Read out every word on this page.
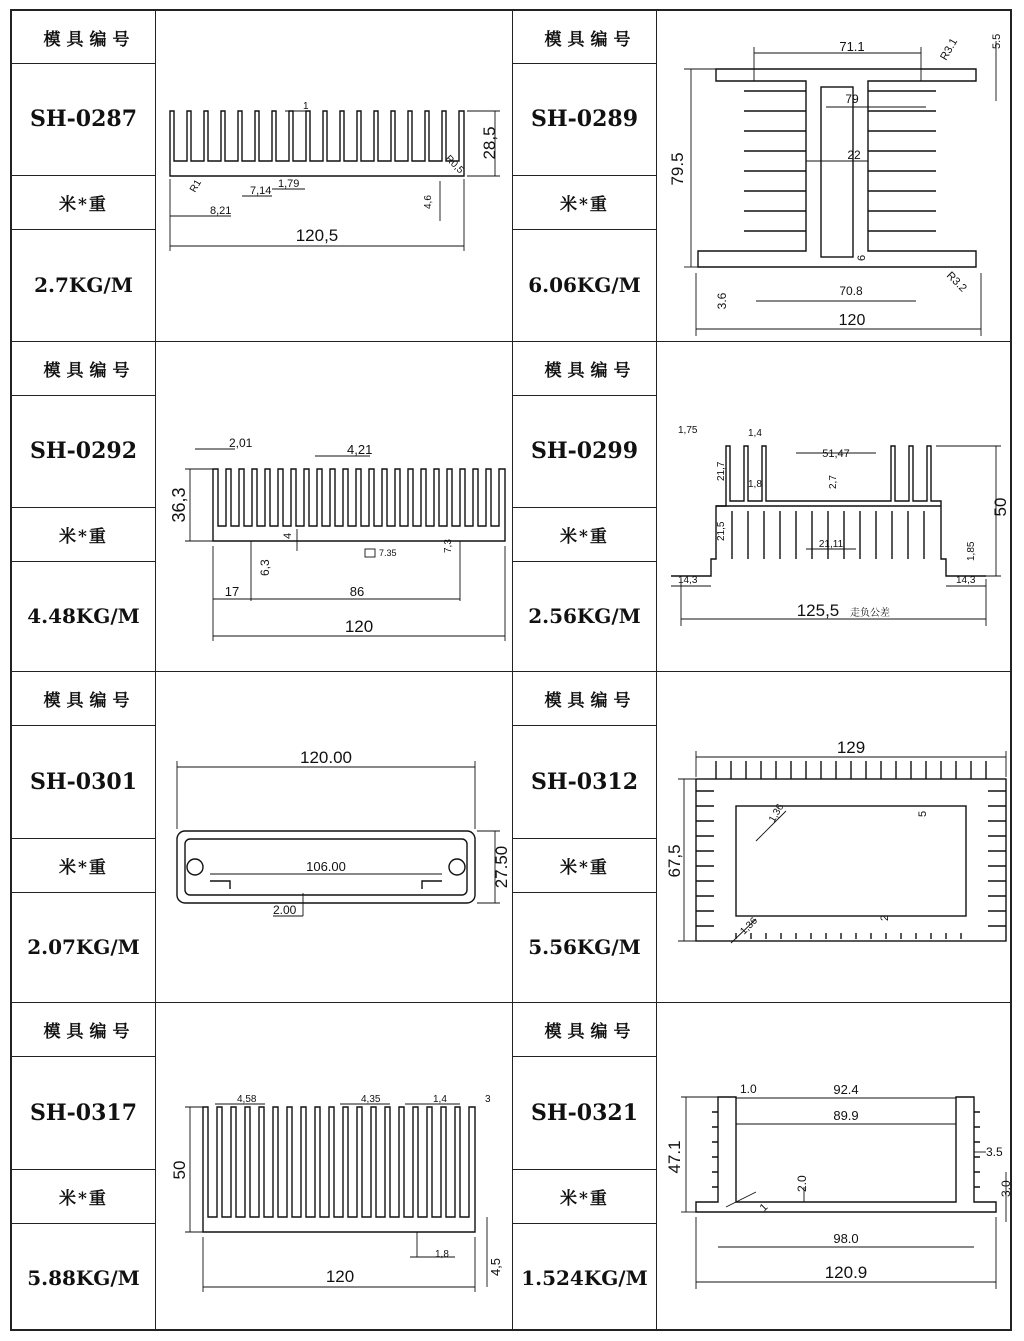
模具编号
SH-0287
米*重
2.7KG/M
1
28,5
R1
R0,5
7,14
1,79
8,21
4,6
120,5
模具编号
SH-0289
米*重
6.06KG/M
71.1	5.5
R3.1
79
79.5	22
6
3.6
70.8	R3.2
120
模具编号
SH-0292
米*重
4.48KG/M
2,01	4,21
36,3
4
7.35	7,3
6,3
17	86
120
模具编号
SH-0299
米*重
2.56KG/M
1,75	1,4
51,47
21,7
1,8	2,7
50
21,5
21,11	1,85
14,3	14,3
125,5 走负公差
模具编号
SH-0301
米*重
2.07KG/M
120.00
106.00	27.50
2.00
模具编号
SH-0312
米*重
5.56KG/M
129
67,5
1,36	5
1,36	2
模具编号
SH-0317
米*重
5.88KG/M
4,58	4,35	1,4	3
50
1,8
4,5
120
模具编号
SH-0321
米*重
1.524KG/M
1.0	92.4
89.9
47.1	3.5
2.0
1
3.0
98.0
120.9
